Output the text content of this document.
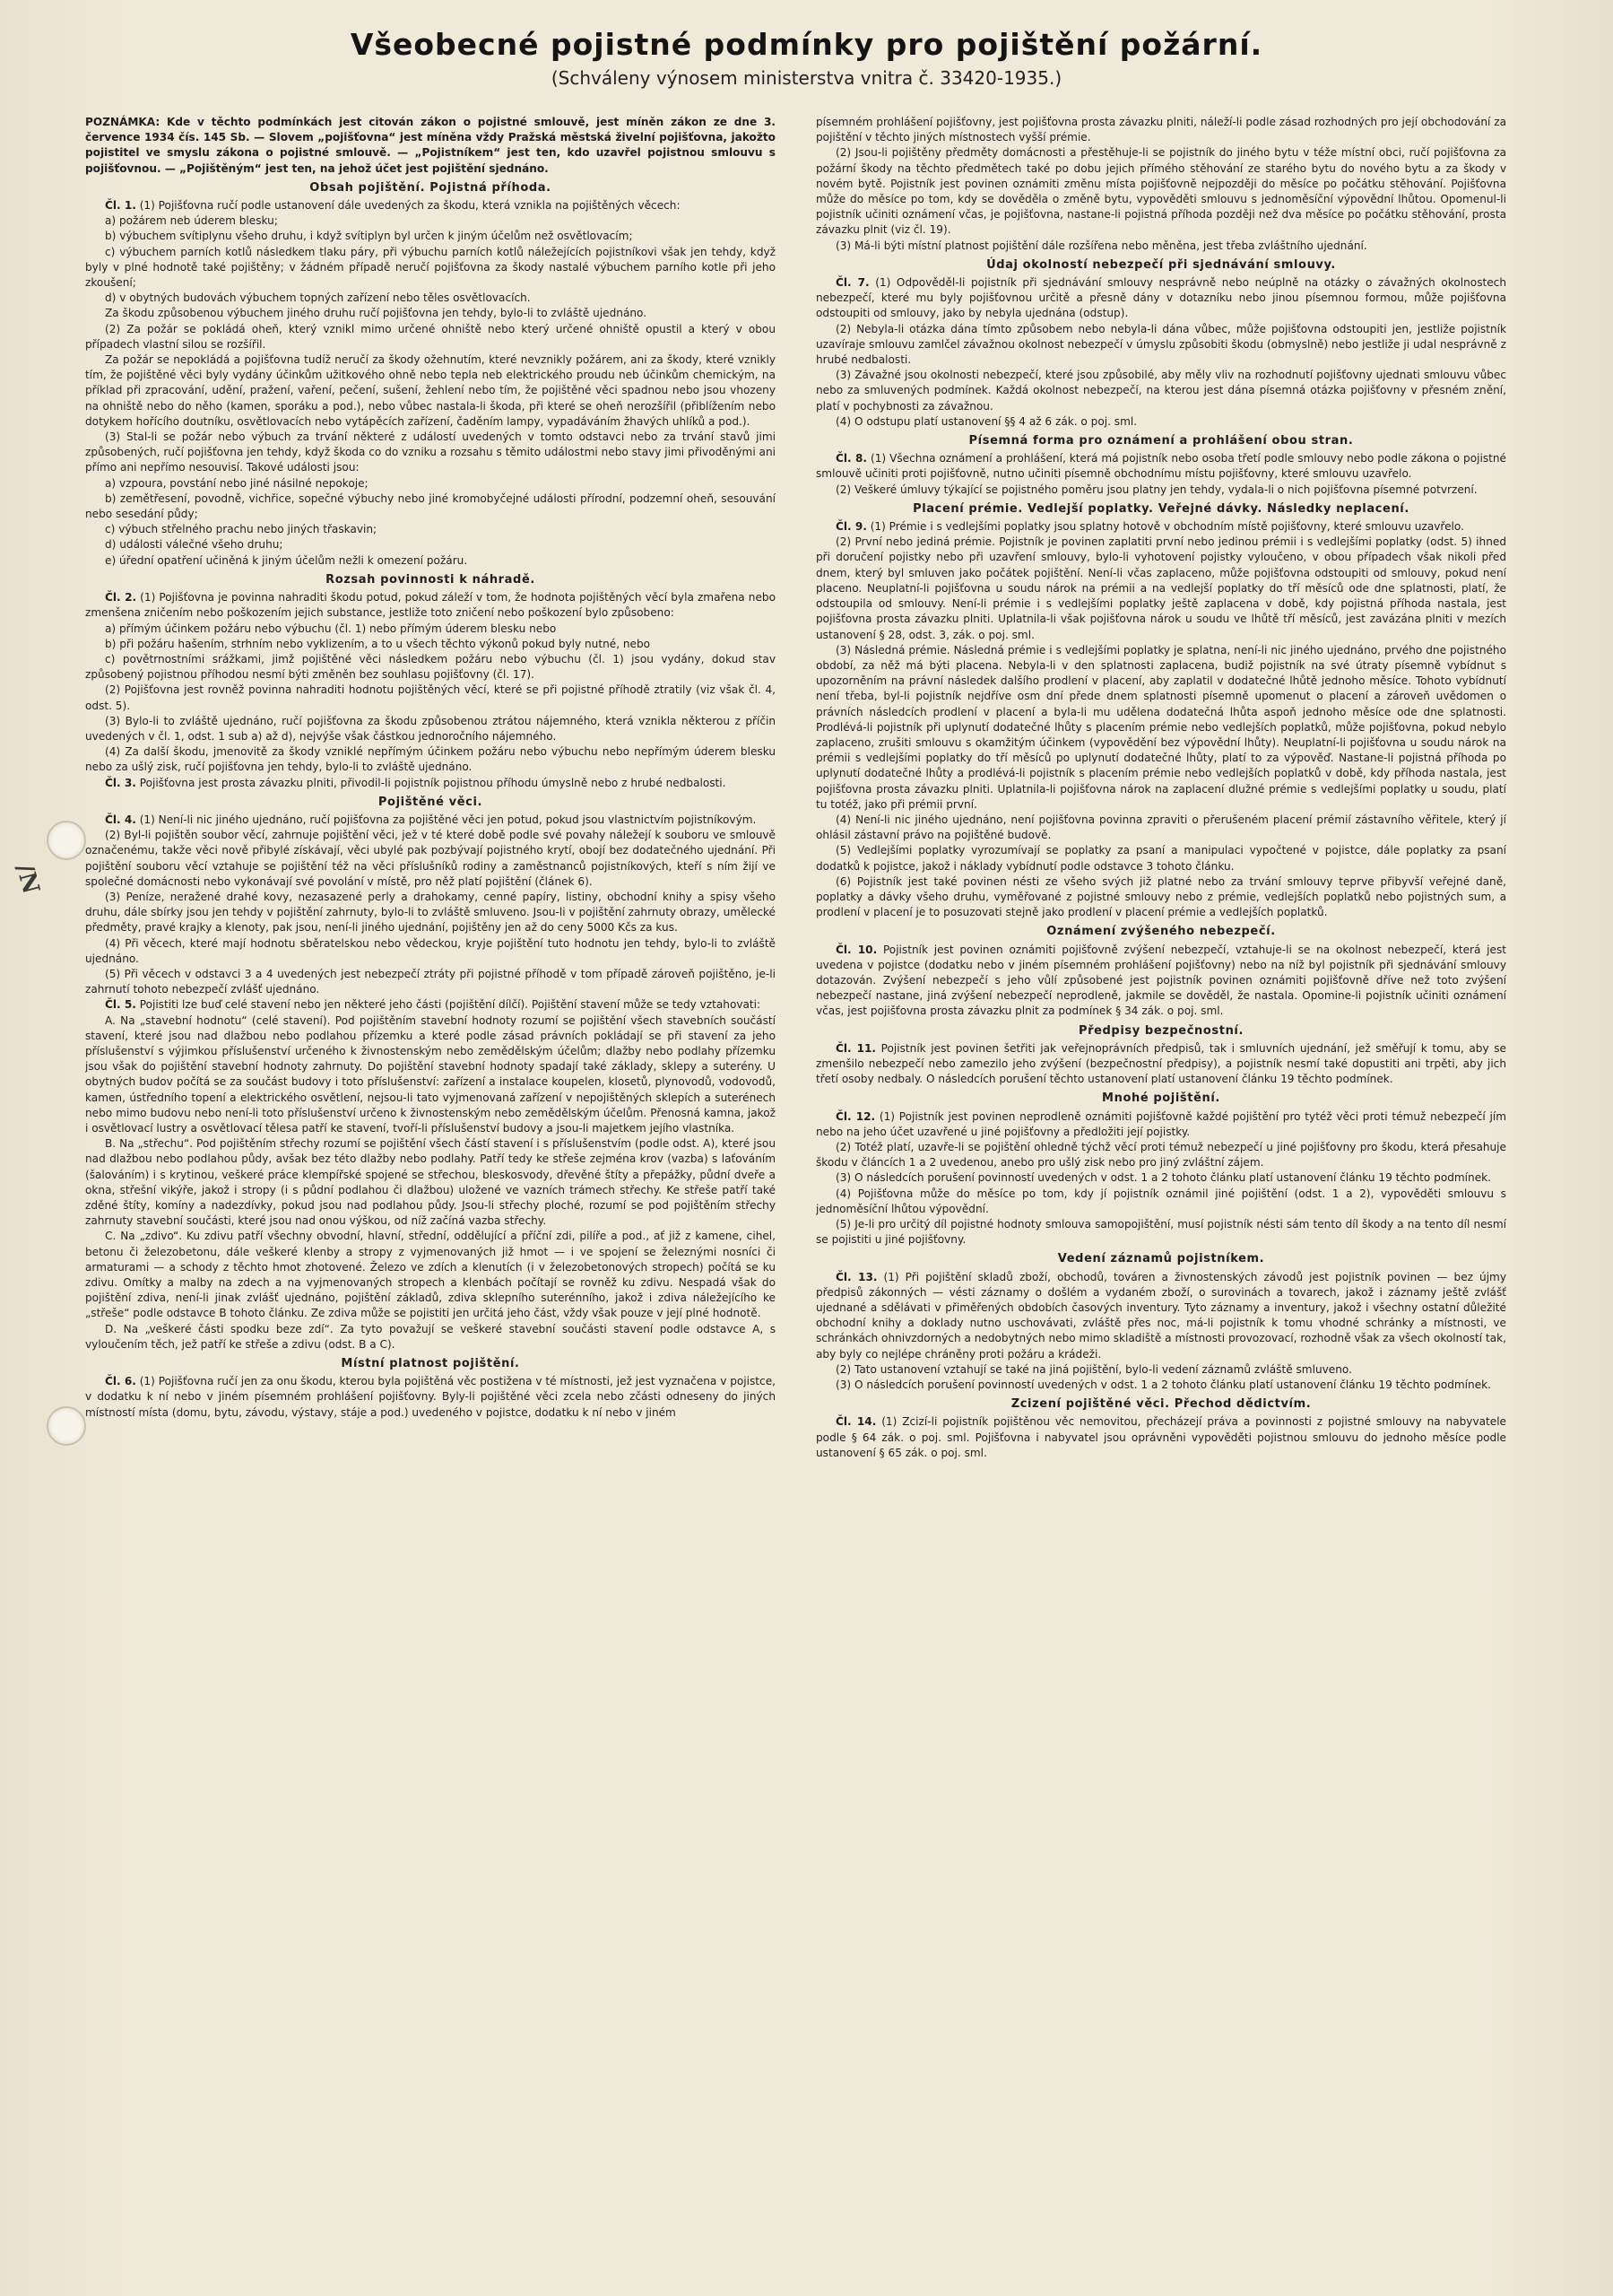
Všeobecné pojistné podmínky pro pojištění požární.
(Schváleny výnosem ministerstva vnitra č. 33420-1935.)

POZNÁMKA: Kde v těchto podmínkách jest citován zákon o pojistné smlouvě, jest míněn zákon ze dne 3. července 1934 čís. 145 Sb. — Slovem „pojišťovna“ jest míněna vždy Pražská městská živelní pojišťovna, jakožto pojistitel ve smyslu zákona o pojistné smlouvě. — „Pojistníkem“ jest ten, kdo uzavřel pojistnou smlouvu s pojišťovnou. — „Pojištěným“ jest ten, na jehož účet jest pojištění sjednáno.

Obsah pojištění. Pojistná příhoda.

Čl. 1. (1) Pojišťovna ručí podle ustanovení dále uvedených za škodu, která vznikla na pojištěných věcech:

a) požárem neb úderem blesku;

b) výbuchem svítiplynu všeho druhu, i když svítiplyn byl určen k jiným účelům než osvětlovacím;

c) výbuchem parních kotlů následkem tlaku páry, při výbuchu parních kotlů náležejících pojistníkovi však jen tehdy, když byly v plné hodnotě také pojištěny; v žádném případě neručí pojišťovna za škody nastalé výbuchem parního kotle při jeho zkoušení;

d) v obytných budovách výbuchem topných zařízení nebo těles osvětlovacích.

Za škodu způsobenou výbuchem jiného druhu ručí pojišťovna jen tehdy, bylo-li to zvláště ujednáno.

(2) Za požár se pokládá oheň, který vznikl mimo určené ohniště nebo který určené ohniště opustil a který v obou případech vlastní silou se rozšířil.

Za požár se nepokládá a pojišťovna tudíž neručí za škody ožehnutím, které nevznikly požárem, ani za škody, které vznikly tím, že pojištěné věci byly vydány účinkům užitkového ohně nebo tepla neb elektrického proudu neb účinkům chemickým, na příklad při zpracování, udění, pražení, vaření, pečení, sušení, žehlení nebo tím, že pojištěné věci spadnou nebo jsou vhozeny na ohniště nebo do něho (kamen, sporáku a pod.), nebo vůbec nastala-li škoda, při které se oheň nerozšířil (přiblížením nebo dotykem hořícího doutníku, osvětlovacích nebo vytápěcích zařízení, čaděním lampy, vypadáváním žhavých uhlíků a pod.).

(3) Stal-li se požár nebo výbuch za trvání některé z událostí uvedených v tomto odstavci nebo za trvání stavů jimi způsobených, ručí pojišťovna jen tehdy, když škoda co do vzniku a rozsahu s těmito událostmi nebo stavy jimi přivoděnými ani přímo ani nepřímo nesouvisí. Takové události jsou:

a) vzpoura, povstání nebo jiné násilné nepokoje;

b) zemětřesení, povodně, vichřice, sopečné výbuchy nebo jiné kromobyčejné události přírodní, podzemní oheň, sesouvání nebo sesedání půdy;

c) výbuch střelného prachu nebo jiných třaskavin;

d) události válečné všeho druhu;

e) úřední opatření učiněná k jiným účelům nežli k omezení požáru.

Rozsah povinnosti k náhradě.

Čl. 2. (1) Pojišťovna je povinna nahraditi škodu potud, pokud záleží v tom, že hodnota pojištěných věcí byla zmařena nebo zmenšena zničením nebo poškozením jejich substance, jestliže toto zničení nebo poškození bylo způsobeno:

a) přímým účinkem požáru nebo výbuchu (čl. 1) nebo přímým úderem blesku nebo

b) při požáru hašením, strhním nebo vyklizením, a to u všech těchto výkonů pokud byly nutné, nebo

c) povětrnostními srážkami, jimž pojištěné věci následkem požáru nebo výbuchu (čl. 1) jsou vydány, dokud stav způsobený pojistnou příhodou nesmí býti změněn bez souhlasu pojišťovny (čl. 17).

(2) Pojišťovna jest rovněž povinna nahraditi hodnotu pojištěných věcí, které se při pojistné příhodě ztratily (viz však čl. 4, odst. 5).

(3) Bylo-li to zvláště ujednáno, ručí pojišťovna za škodu způsobenou ztrátou nájemného, která vznikla některou z příčin uvedených v čl. 1, odst. 1 sub a) až d), nejvýše však částkou jednoročního nájemného.

(4) Za další škodu, jmenovitě za škody vzniklé nepřímým účinkem požáru nebo výbuchu nebo nepřímým úderem blesku nebo za ušlý zisk, ručí pojišťovna jen tehdy, bylo-li to zvláště ujednáno.

Čl. 3. Pojišťovna jest prosta závazku plniti, přivodil-li pojistník pojistnou příhodu úmyslně nebo z hrubé nedbalosti.

Pojištěné věci.

Čl. 4. (1) Není-li nic jiného ujednáno, ručí pojišťovna za pojištěné věci jen potud, pokud jsou vlastnictvím pojistníkovým.

(2) Byl-li pojištěn soubor věcí, zahrnuje pojištění věci, jež v té které době podle své povahy náležejí k souboru ve smlouvě označenému, takže věci nově přibylé získávají, věci ubylé pak pozbývají pojistného krytí, obojí bez dodatečného ujednání. Při pojištění souboru věcí vztahuje se pojištění též na věci příslušníků rodiny a zaměstnanců pojistníkových, kteří s ním žijí ve společné domácnosti nebo vykonávají své povolání v místě, pro něž platí pojištění (článek 6).

(3) Peníze, neražené drahé kovy, nezasazené perly a drahokamy, cenné papíry, listiny, obchodní knihy a spisy všeho druhu, dále sbírky jsou jen tehdy v pojištění zahrnuty, bylo-li to zvláště smluveno. Jsou-li v pojištění zahrnuty obrazy, umělecké předměty, pravé krajky a klenoty, pak jsou, není-li jiného ujednání, pojištěny jen až do ceny 5000 Kčs za kus.

(4) Při věcech, které mají hodnotu sběratelskou nebo vědeckou, kryje pojištění tuto hodnotu jen tehdy, bylo-li to zvláště ujednáno.

(5) Při věcech v odstavci 3 a 4 uvedených jest nebezpečí ztráty při pojistné příhodě v tom případě zároveň pojištěno, je-li zahrnutí tohoto nebezpečí zvlášť ujednáno.

Čl. 5. Pojistiti lze buď celé stavení nebo jen některé jeho části (pojištění dílčí). Pojištění stavení může se tedy vztahovati:

A. Na „stavební hodnotu“ (celé stavení). Pod pojištěním stavební hodnoty rozumí se pojištění všech stavebních součástí stavení, které jsou nad dlažbou nebo podlahou přízemku a které podle zásad právních pokládají se při stavení za jeho příslušenství s výjimkou příslušenství určeného k živnostenským nebo zemědělským účelům; dlažby nebo podlahy přízemku jsou však do pojištění stavební hodnoty zahrnuty. Do pojištění stavební hodnoty spadají také základy, sklepy a suterény. U obytných budov počítá se za součást budovy i toto příslušenství: zařízení a instalace koupelen, klosetů, plynovodů, vodovodů, kamen, ústředního topení a elektrického osvětlení, nejsou-li tato vyjmenovaná zařízení v nepojištěných sklepích a suterénech nebo mimo budovu nebo není-li toto příslušenství určeno k živnostenským nebo zemědělským účelům. Přenosná kamna, jakož i osvětlovací lustry a osvětlovací tělesa patří ke stavení, tvoří-li příslušenství budovy a jsou-li majetkem jejího vlastníka.

B. Na „střechu“. Pod pojištěním střechy rozumí se pojištění všech částí stavení i s příslušenstvím (podle odst. A), které jsou nad dlažbou nebo podlahou půdy, avšak bez této dlažby nebo podlahy. Patří tedy ke střeše zejména krov (vazba) s laťováním (šalováním) i s krytinou, veškeré práce klempířské spojené se střechou, bleskosvody, dřevěné štíty a přepážky, půdní dveře a okna, střešní vikýře, jakož i stropy (i s půdní podlahou či dlažbou) uložené ve vazních trámech střechy. Ke střeše patří také zděné štíty, komíny a nadezdívky, pokud jsou nad podlahou půdy. Jsou-li střechy ploché, rozumí se pod pojištěním střechy zahrnuty stavební součásti, které jsou nad onou výškou, od níž začíná vazba střechy.

C. Na „zdivo“. Ku zdivu patří všechny obvodní, hlavní, střední, oddělující a příční zdi, pilíře a pod., ať již z kamene, cihel, betonu či železobetonu, dále veškeré klenby a stropy z vyjmenovaných již hmot — i ve spojení se železnými nosníci či armaturami — a schody z těchto hmot zhotovené. Železo ve zdích a klenutích (i v železobetonových stropech) počítá se ku zdivu. Omítky a malby na zdech a na vyjmenovaných stropech a klenbách počítají se rovněž ku zdivu. Nespadá však do pojištění zdiva, není-li jinak zvlášť ujednáno, pojištění základů, zdiva sklepního suterénního, jakož i zdiva náležejícího ke „střeše“ podle odstavce B tohoto článku. Ze zdiva může se pojistiti jen určitá jeho část, vždy však pouze v její plné hodnotě.

D. Na „veškeré části spodku beze zdí“. Za tyto považují se veškeré stavební součásti stavení podle odstavce A, s vyloučením těch, jež patří ke střeše a zdivu (odst. B a C).

Místní platnost pojištění.

Čl. 6. (1) Pojišťovna ručí jen za onu škodu, kterou byla pojištěná věc postižena v té místnosti, jež jest vyznačena v pojistce, v dodatku k ní nebo v jiném písemném prohlášení pojišťovny. Byly-li pojištěné věci zcela nebo zčásti odneseny do jiných místností místa (domu, bytu, závodu, výstavy, stáje a pod.) uvedeného v pojistce, dodatku k ní nebo v jiném

písemném prohlášení pojišťovny, jest pojišťovna prosta závazku plniti, náleží-li podle zásad rozhodných pro její obchodování za pojištění v těchto jiných místnostech vyšší prémie.

(2) Jsou-li pojištěny předměty domácnosti a přestěhuje-li se pojistník do jiného bytu v téže místní obci, ručí pojišťovna za požární škody na těchto předmětech také po dobu jejich přímého stěhování ze starého bytu do nového bytu a za škody v novém bytě. Pojistník jest povinen oznámiti změnu místa pojišťovně nejpozději do měsíce po počátku stěhování. Pojišťovna může do měsíce po tom, kdy se dověděla o změně bytu, vypověděti smlouvu s jednoměsíční výpovědní lhůtou. Opomenul-li pojistník učiniti oznámení včas, je pojišťovna, nastane-li pojistná příhoda později než dva měsíce po počátku stěhování, prosta závazku plnit (viz čl. 19).

(3) Má-li býti místní platnost pojištění dále rozšířena nebo měněna, jest třeba zvláštního ujednání.

Údaj okolností nebezpečí při sjednávání smlouvy.

Čl. 7. (1) Odpověděl-li pojistník při sjednávání smlouvy nesprávně nebo neúplně na otázky o závažných okolnostech nebezpečí, které mu byly pojišťovnou určitě a přesně dány v dotazníku nebo jinou písemnou formou, může pojišťovna odstoupiti od smlouvy, jako by nebyla ujednána (odstup).

(2) Nebyla-li otázka dána tímto způsobem nebo nebyla-li dána vůbec, může pojišťovna odstoupiti jen, jestliže pojistník uzavíraje smlouvu zamlčel závažnou okolnost nebezpečí v úmyslu způsobiti škodu (obmyslně) nebo jestliže ji udal nesprávně z hrubé nedbalosti.

(3) Závažné jsou okolnosti nebezpečí, které jsou způsobilé, aby měly vliv na rozhodnutí pojišťovny ujednati smlouvu vůbec nebo za smluvených podmínek. Každá okolnost nebezpečí, na kterou jest dána písemná otázka pojišťovny v přesném znění, platí v pochybnosti za závažnou.

(4) O odstupu platí ustanovení §§ 4 až 6 zák. o poj. sml.

Písemná forma pro oznámení a prohlášení obou stran.

Čl. 8. (1) Všechna oznámení a prohlášení, která má pojistník nebo osoba třetí podle smlouvy nebo podle zákona o pojistné smlouvě učiniti proti pojišťovně, nutno učiniti písemně obchodnímu místu pojišťovny, které smlouvu uzavřelo.

(2) Veškeré úmluvy týkající se pojistného poměru jsou platny jen tehdy, vydala-li o nich pojišťovna písemné potvrzení.

Placení prémie. Vedlejší poplatky. Veřejné dávky. Následky neplacení.

Čl. 9. (1) Prémie i s vedlejšími poplatky jsou splatny hotově v obchodním místě pojišťovny, které smlouvu uzavřelo.

(2) První nebo jediná prémie. Pojistník je povinen zaplatiti první nebo jedinou prémii i s vedlejšími poplatky (odst. 5) ihned při doručení pojistky nebo při uzavření smlouvy, bylo-li vyhotovení pojistky vyloučeno, v obou případech však nikoli před dnem, který byl smluven jako počátek pojištění. Není-li včas zaplaceno, může pojišťovna odstoupiti od smlouvy, pokud není placeno. Neuplatní-li pojišťovna u soudu nárok na prémii a na vedlejší poplatky do tří měsíců ode dne splatnosti, platí, že odstoupila od smlouvy. Není-li prémie i s vedlejšími poplatky ještě zaplacena v době, kdy pojistná příhoda nastala, jest pojišťovna prosta závazku plniti. Uplatnila-li však pojišťovna nárok u soudu ve lhůtě tří měsíců, jest zavázána plniti v mezích ustanovení § 28, odst. 3, zák. o poj. sml.

(3) Následná prémie. Následná prémie i s vedlejšími poplatky je splatna, není-li nic jiného ujednáno, prvého dne pojistného období, za něž má býti placena. Nebyla-li v den splatnosti zaplacena, budiž pojistník na své útraty písemně vybídnut s upozorněním na právní následek dalšího prodlení v placení, aby zaplatil v dodatečné lhůtě jednoho měsíce. Tohoto vybídnutí není třeba, byl-li pojistník nejdříve osm dní přede dnem splatnosti písemně upomenut o placení a zároveň uvědomen o právních následcích prodlení v placení a byla-li mu udělena dodatečná lhůta aspoň jednoho měsíce ode dne splatnosti. Prodlévá-li pojistník při uplynutí dodatečné lhůty s placením prémie nebo vedlejších poplatků, může pojišťovna, pokud nebylo zaplaceno, zrušiti smlouvu s okamžitým účinkem (vypovědění bez výpovědní lhůty). Neuplatní-li pojišťovna u soudu nárok na prémii s vedlejšími poplatky do tří měsíců po uplynutí dodatečné lhůty, platí to za výpověď. Nastane-li pojistná příhoda po uplynutí dodatečné lhůty a prodlévá-li pojistník s placením prémie nebo vedlejších poplatků v době, kdy příhoda nastala, jest pojišťovna prosta závazku plniti. Uplatnila-li pojišťovna nárok na zaplacení dlužné prémie s vedlejšími poplatky u soudu, platí tu totéž, jako při prémii první.

(4) Není-li nic jiného ujednáno, není pojišťovna povinna zpraviti o přerušeném placení prémií zástavního věřitele, který jí ohlásil zástavní právo na pojištěné budově.

(5) Vedlejšími poplatky vyrozumívají se poplatky za psaní a manipulaci vypočtené v pojistce, dále poplatky za psaní dodatků k pojistce, jakož i náklady vybídnutí podle odstavce 3 tohoto článku.

(6) Pojistník jest také povinen nésti ze všeho svých již platné nebo za trvání smlouvy teprve přibyvší veřejné daně, poplatky a dávky všeho druhu, vyměřované z pojistné smlouvy nebo z prémie, vedlejších poplatků nebo pojistných sum, a prodlení v placení je to posuzovati stejně jako prodlení v placení prémie a vedlejších poplatků.

Oznámení zvýšeného nebezpečí.

Čl. 10. Pojistník jest povinen oznámiti pojišťovně zvýšení nebezpečí, vztahuje-li se na okolnost nebezpečí, která jest uvedena v pojistce (dodatku nebo v jiném písemném prohlášení pojišťovny) nebo na níž byl pojistník při sjednávání smlouvy dotazován. Zvýšení nebezpečí s jeho vůlí způsobené jest pojistník povinen oznámiti pojišťovně dříve než toto zvýšení nebezpečí nastane, jiná zvýšení nebezpečí neprodleně, jakmile se dověděl, že nastala. Opomine-li pojistník učiniti oznámení včas, jest pojišťovna prosta závazku plnit za podmínek § 34 zák. o poj. sml.

Předpisy bezpečnostní.

Čl. 11. Pojistník jest povinen šetřiti jak veřejnoprávních předpisů, tak i smluvních ujednání, jež směřují k tomu, aby se zmenšilo nebezpečí nebo zamezilo jeho zvýšení (bezpečnostní předpisy), a pojistník nesmí také dopustiti ani trpěti, aby jich třetí osoby nedbaly. O následcích porušení těchto ustanovení platí ustanovení článku 19 těchto podmínek.

Mnohé pojištění.

Čl. 12. (1) Pojistník jest povinen neprodleně oznámiti pojišťovně každé pojištění pro tytéž věci proti témuž nebezpečí jím nebo na jeho účet uzavřené u jiné pojišťovny a předložiti její pojistky.

(2) Totéž platí, uzavře-li se pojištění ohledně týchž věcí proti témuž nebezpečí u jiné pojišťovny pro škodu, která přesahuje škodu v článcích 1 a 2 uvedenou, anebo pro ušlý zisk nebo pro jiný zvláštní zájem.

(3) O následcích porušení povinností uvedených v odst. 1 a 2 tohoto článku platí ustanovení článku 19 těchto podmínek.

(4) Pojišťovna může do měsíce po tom, kdy jí pojistník oznámil jiné pojištění (odst. 1 a 2), vypověděti smlouvu s jednoměsíční lhůtou výpovědní.

(5) Je-li pro určitý díl pojistné hodnoty smlouva samopojištění, musí pojistník nésti sám tento díl škody a na tento díl nesmí se pojistiti u jiné pojišťovny.

Vedení záznamů pojistníkem.

Čl. 13. (1) Při pojištění skladů zboží, obchodů, továren a živnostenských závodů jest pojistník povinen — bez újmy předpisů zákonných — vésti záznamy o došlém a vydaném zboží, o surovinách a tovarech, jakož i záznamy ještě zvlášť ujednané a sdělávati v přiměřených obdobích časových inventury. Tyto záznamy a inventury, jakož i všechny ostatní důležité obchodní knihy a doklady nutno uschovávati, zvláště přes noc, má-li pojistník k tomu vhodné schránky a místnosti, ve schránkách ohnivzdorných a nedobytných nebo mimo skladiště a místnosti provozovací, rozhodně však za všech okolností tak, aby byly co nejlépe chráněny proti požáru a krádeži.

(2) Tato ustanovení vztahují se také na jiná pojištění, bylo-li vedení záznamů zvláště smluveno.

(3) O následcích porušení povinností uvedených v odst. 1 a 2 tohoto článku platí ustanovení článku 19 těchto podmínek.

Zcizení pojištěné věci. Přechod dědictvím.

Čl. 14. (1) Zcizí-li pojistník pojištěnou věc nemovitou, přecházejí práva a povinnosti z pojistné smlouvy na nabyvatele podle § 64 zák. o poj. sml. Pojišťovna i nabyvatel jsou oprávněni vypověděti pojistnou smlouvu do jednoho měsíce podle ustanovení § 65 zák. o poj. sml.

/N
